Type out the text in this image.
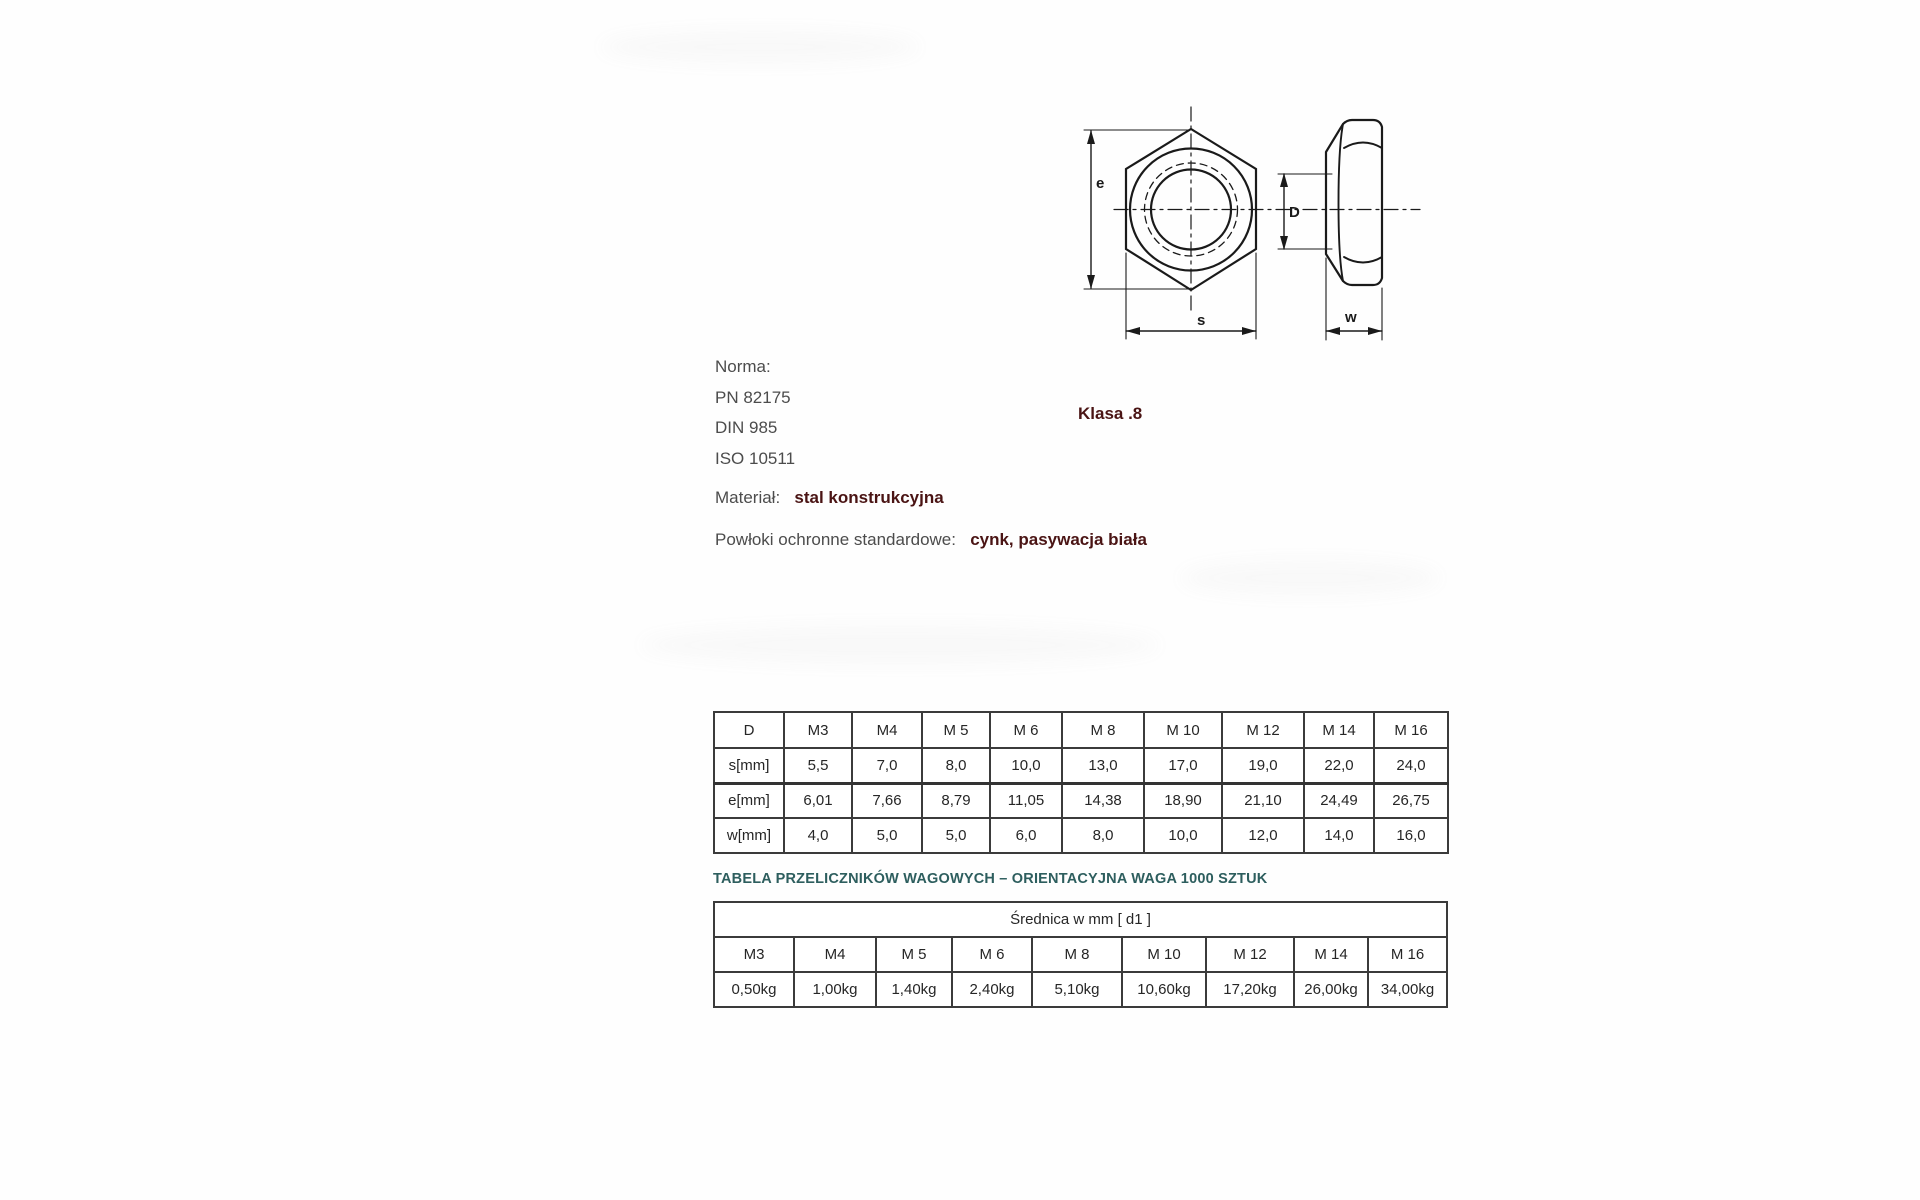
e
s
D
w
Norma:
PN 82175
DIN 985
ISO 10511
Klasa .8
Materiał: stal konstrukcyjna
Powłoki ochronne standardowe: cynk, pasywacja biała
D	M3	M4	M 5	M 6	M 8	M 10	M 12	M 14	M 16
s[mm]	5,5	7,0	8,0	10,0	13,0	17,0	19,0	22,0	24,0
e[mm]	6,01	7,66	8,79	11,05	14,38	18,90	21,10	24,49	26,75
w[mm]	4,0	5,0	5,0	6,0	8,0	10,0	12,0	14,0	16,0
TABELA PRZELICZNIKÓW WAGOWYCH – ORIENTACYJNA WAGA 1000 SZTUK
Średnica w mm [ d1 ]								
M3	M4	M 5	M 6	M 8	M 10	M 12	M 14	M 16
0,50kg	1,00kg	1,40kg	2,40kg	5,10kg	10,60kg	17,20kg	26,00kg	34,00kg
